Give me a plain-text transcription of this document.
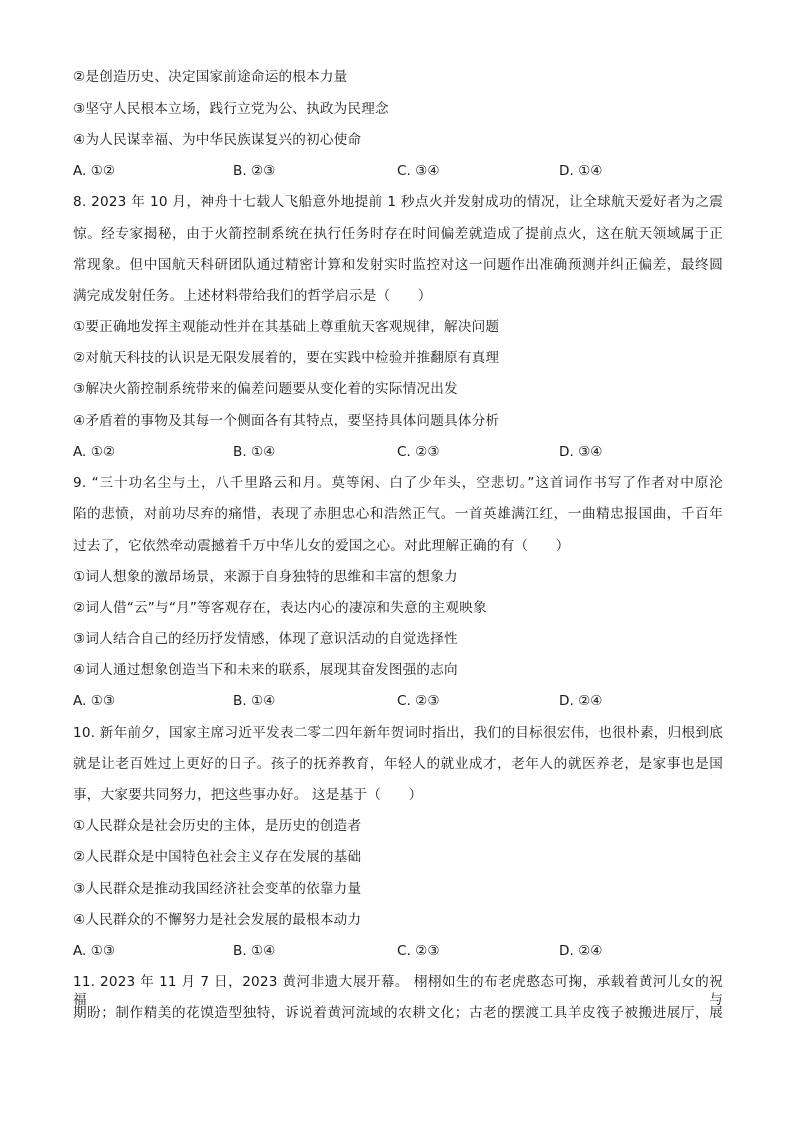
②是创造历史、决定国家前途命运的根本力量
③坚守人民根本立场，践行立党为公、执政为民理念
④为人民谋幸福、为中华民族谋复兴的初心使命
A. ①②	B. ②③	C. ③④	D. ①④
8. 2023 年 10 月，神舟十七载人飞船意外地提前 1 秒点火并发射成功的情况，让全球航天爱好者为之震
惊。经专家揭秘，由于火箭控制系统在执行任务时存在时间偏差就造成了提前点火，这在航天领域属于正
常现象。但中国航天科研团队通过精密计算和发射实时监控对这一问题作出准确预测并纠正偏差，最终圆
满完成发射任务。上述材料带给我们的哲学启示是（　　）
①要正确地发挥主观能动性并在其基础上尊重航天客观规律，解决问题
②对航天科技的认识是无限发展着的，要在实践中检验并推翻原有真理
③解决火箭控制系统带来的偏差问题要从变化着的实际情况出发
④矛盾着的事物及其每一个侧面各有其特点，要坚持具体问题具体分析
A. ①②	B. ①④	C. ②③	D. ③④
9. “三十功名尘与土，八千里路云和月。莫等闲、白了少年头，空悲切。”这首词作书写了作者对中原沦
陷的悲愤，对前功尽弃的痛惜，表现了赤胆忠心和浩然正气。一首英雄满江红，一曲精忠报国曲，千百年
过去了，它依然牵动震撼着千万中华儿女的爱国之心。对此理解正确的有（　　）
①词人想象的激昂场景，来源于自身独特的思维和丰富的想象力
②词人借“云”与“月”等客观存在，表达内心的凄凉和失意的主观映象
③词人结合自己的经历抒发情感，体现了意识活动的自觉选择性
④词人通过想象创造当下和未来的联系，展现其奋发图强的志向
A. ①③	B. ①④	C. ②③	D. ②④
10. 新年前夕，国家主席习近平发表二零二四年新年贺词时指出，我们的目标很宏伟，也很朴素，归根到底
就是让老百姓过上更好的日子。孩子的抚养教育，年轻人的就业成才，老年人的就医养老，是家事也是国
事，大家要共同努力，把这些事办好。 这是基于（　　）
①人民群众是社会历史的主体，是历史的创造者
②人民群众是中国特色社会主义存在发展的基础
③人民群众是推动我国经济社会变革的依靠力量
④人民群众的不懈努力是社会发展的最根本动力
A. ①③	B. ①④	C. ②③	D. ②④
11. 2023 年 11 月 7 日，2023 黄河非遗大展开幕。 栩栩如生的布老虎憨态可掬，承载着黄河儿女的祝福与
期盼；制作精美的花馍造型独特，诉说着黄河流域的农耕文化；古老的摆渡工具羊皮筏子被搬进展厅，展
